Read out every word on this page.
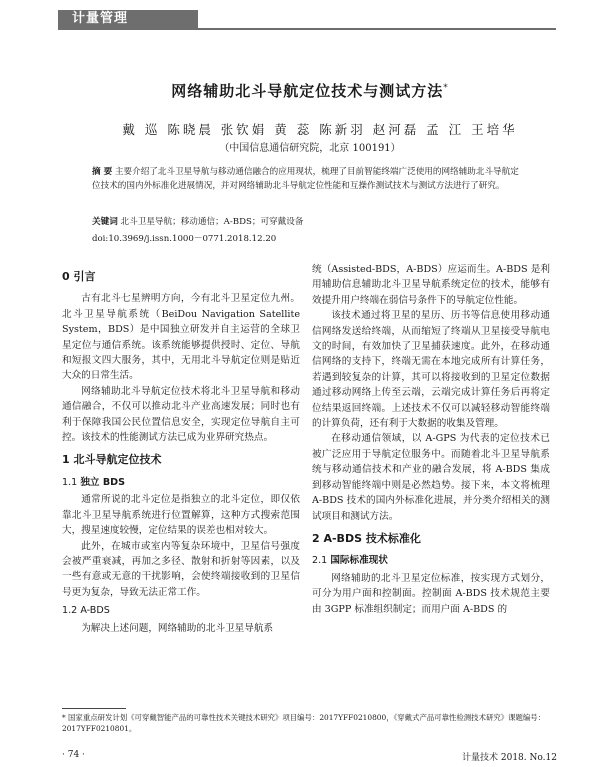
计量管理
网络辅助北斗导航定位技术与测试方法*
戴 巡 陈晓晨 张钦娟 黄 蕊 陈新羽 赵河磊 孟 江 王培华
（中国信息通信研究院，北京 100191）
摘 要 主要介绍了北斗卫星导航与移动通信融合的应用现状，梳理了目前智能终端广泛使用的网络辅助北斗导航定位技术的国内外标准化进展情况，并对网络辅助北斗导航定位性能和互操作测试技术与测试方法进行了研究。
关键词 北斗卫星导航；移动通信；A-BDS；可穿戴设备
doi:10.3969/j.issn.1000－0771.2018.12.20
0 引言

古有北斗七星辨明方向，今有北斗卫星定位九州。北斗卫星导航系统（BeiDou Navigation Satellite System，BDS）是中国独立研发并自主运营的全球卫星定位与通信系统。该系统能够提供授时、定位、导航和短报文四大服务，其中，无用北斗导航定位则是贴近大众的日常生活。

网络辅助北斗导航定位技术将北斗卫星导航和移动通信融合，不仅可以推动北斗产业高速发展；同时也有利于保障我国公民位置信息安全，实现定位导航自主可控。该技术的性能测试方法已成为业界研究热点。

1 北斗导航定位技术
1.1 独立 BDS

通常所说的北斗定位是指独立的北斗定位，即仅依靠北斗卫星导航系统进行位置解算，这种方式搜索范围大，搜星速度较慢，定位结果的误差也相对较大。

此外，在城市或室内等复杂环境中，卫星信号强度会被严重衰减，再加之多径、散射和折射等因素，以及一些有意或无意的干扰影响，会使终端接收到的卫星信号更为复杂，导致无法正常工作。

1.2 A-BDS

为解决上述问题，网络辅助的北斗卫星导航系

统（Assisted-BDS，A-BDS）应运而生。A-BDS 是利用辅助信息辅助北斗卫星导航系统定位的技术，能够有效提升用户终端在弱信号条件下的导航定位性能。

该技术通过将卫星的星历、历书等信息使用移动通信网络发送给终端，从而缩短了终端从卫星接受导航电文的时间，有效加快了卫星捕获速度。此外，在移动通信网络的支持下，终端无需在本地完成所有计算任务，若遇到较复杂的计算，其可以将接收到的卫星定位数据通过移动网络上传至云端，云端完成计算任务后再将定位结果返回终端。上述技术不仅可以减轻移动智能终端的计算负荷，还有利于大数据的收集及管理。

在移动通信领域，以 A-GPS 为代表的定位技术已被广泛应用于导航定位服务中。而随着北斗卫星导航系统与移动通信技术和产业的融合发展，将 A-BDS 集成到移动智能终端中则是必然趋势。接下来，本文将梳理 A-BDS 技术的国内外标准化进展，并分类介绍相关的测试项目和测试方法。

2 A-BDS 技术标准化
2.1 国际标准现状

网络辅助的北斗卫星定位标准，按实现方式划分，可分为用户面和控制面。控制面 A-BDS 技术规范主要由 3GPP 标准组织制定；而用户面 A-BDS 的

* 国家重点研发计划《可穿戴智能产品的可靠性技术关键技术研究》项目编号：2017YFF0210800，《穿戴式产品可靠性检测技术研究》课题编号：2017YFF0210801。
· 74 ·	计量技术 2018. No.12
